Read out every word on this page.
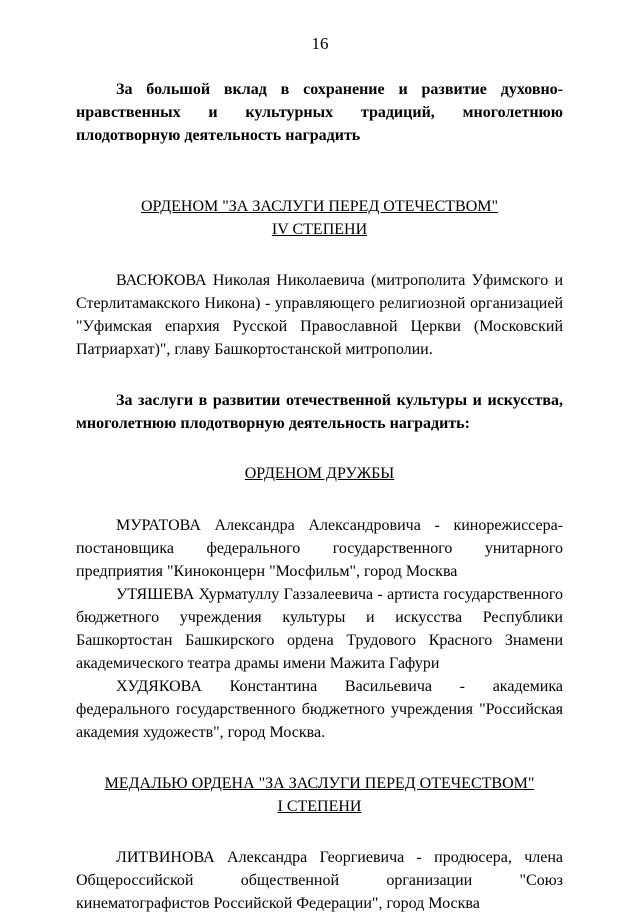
16

За большой вклад в сохранение и развитие духовно-нравственных и культурных традиций, многолетнюю плодотворную деятельность наградить

ОРДЕНОМ "ЗА ЗАСЛУГИ ПЕРЕД ОТЕЧЕСТВОМ"
IV СТЕПЕНИ

ВАСЮКОВА Николая Николаевича (митрополита Уфимского и Стерлитамакского Никона) - управляющего религиозной организацией "Уфимская епархия Русской Православной Церкви (Московский Патриархат)", главу Башкортостанской митрополии.

За заслуги в развитии отечественной культуры и искусства, многолетнюю плодотворную деятельность наградить:

ОРДЕНОМ ДРУЖБЫ

МУРАТОВА Александра Александровича - кинорежиссера-постановщика федерального государственного унитарного предприятия "Киноконцерн "Мосфильм", город Москва

УТЯШЕВА Хурматуллу Газзалеевича - артиста государственного бюджетного учреждения культуры и искусства Республики Башкортостан Башкирского ордена Трудового Красного Знамени академического театра драмы имени Мажита Гафури

ХУДЯКОВА Константина Васильевича - академика федерального государственного бюджетного учреждения "Российская академия художеств", город Москва.

МЕДАЛЬЮ ОРДЕНА "ЗА ЗАСЛУГИ ПЕРЕД ОТЕЧЕСТВОМ"
I СТЕПЕНИ

ЛИТВИНОВА Александра Георгиевича - продюсера, члена Общероссийской общественной организации "Союз кинематографистов Российской Федерации", город Москва
